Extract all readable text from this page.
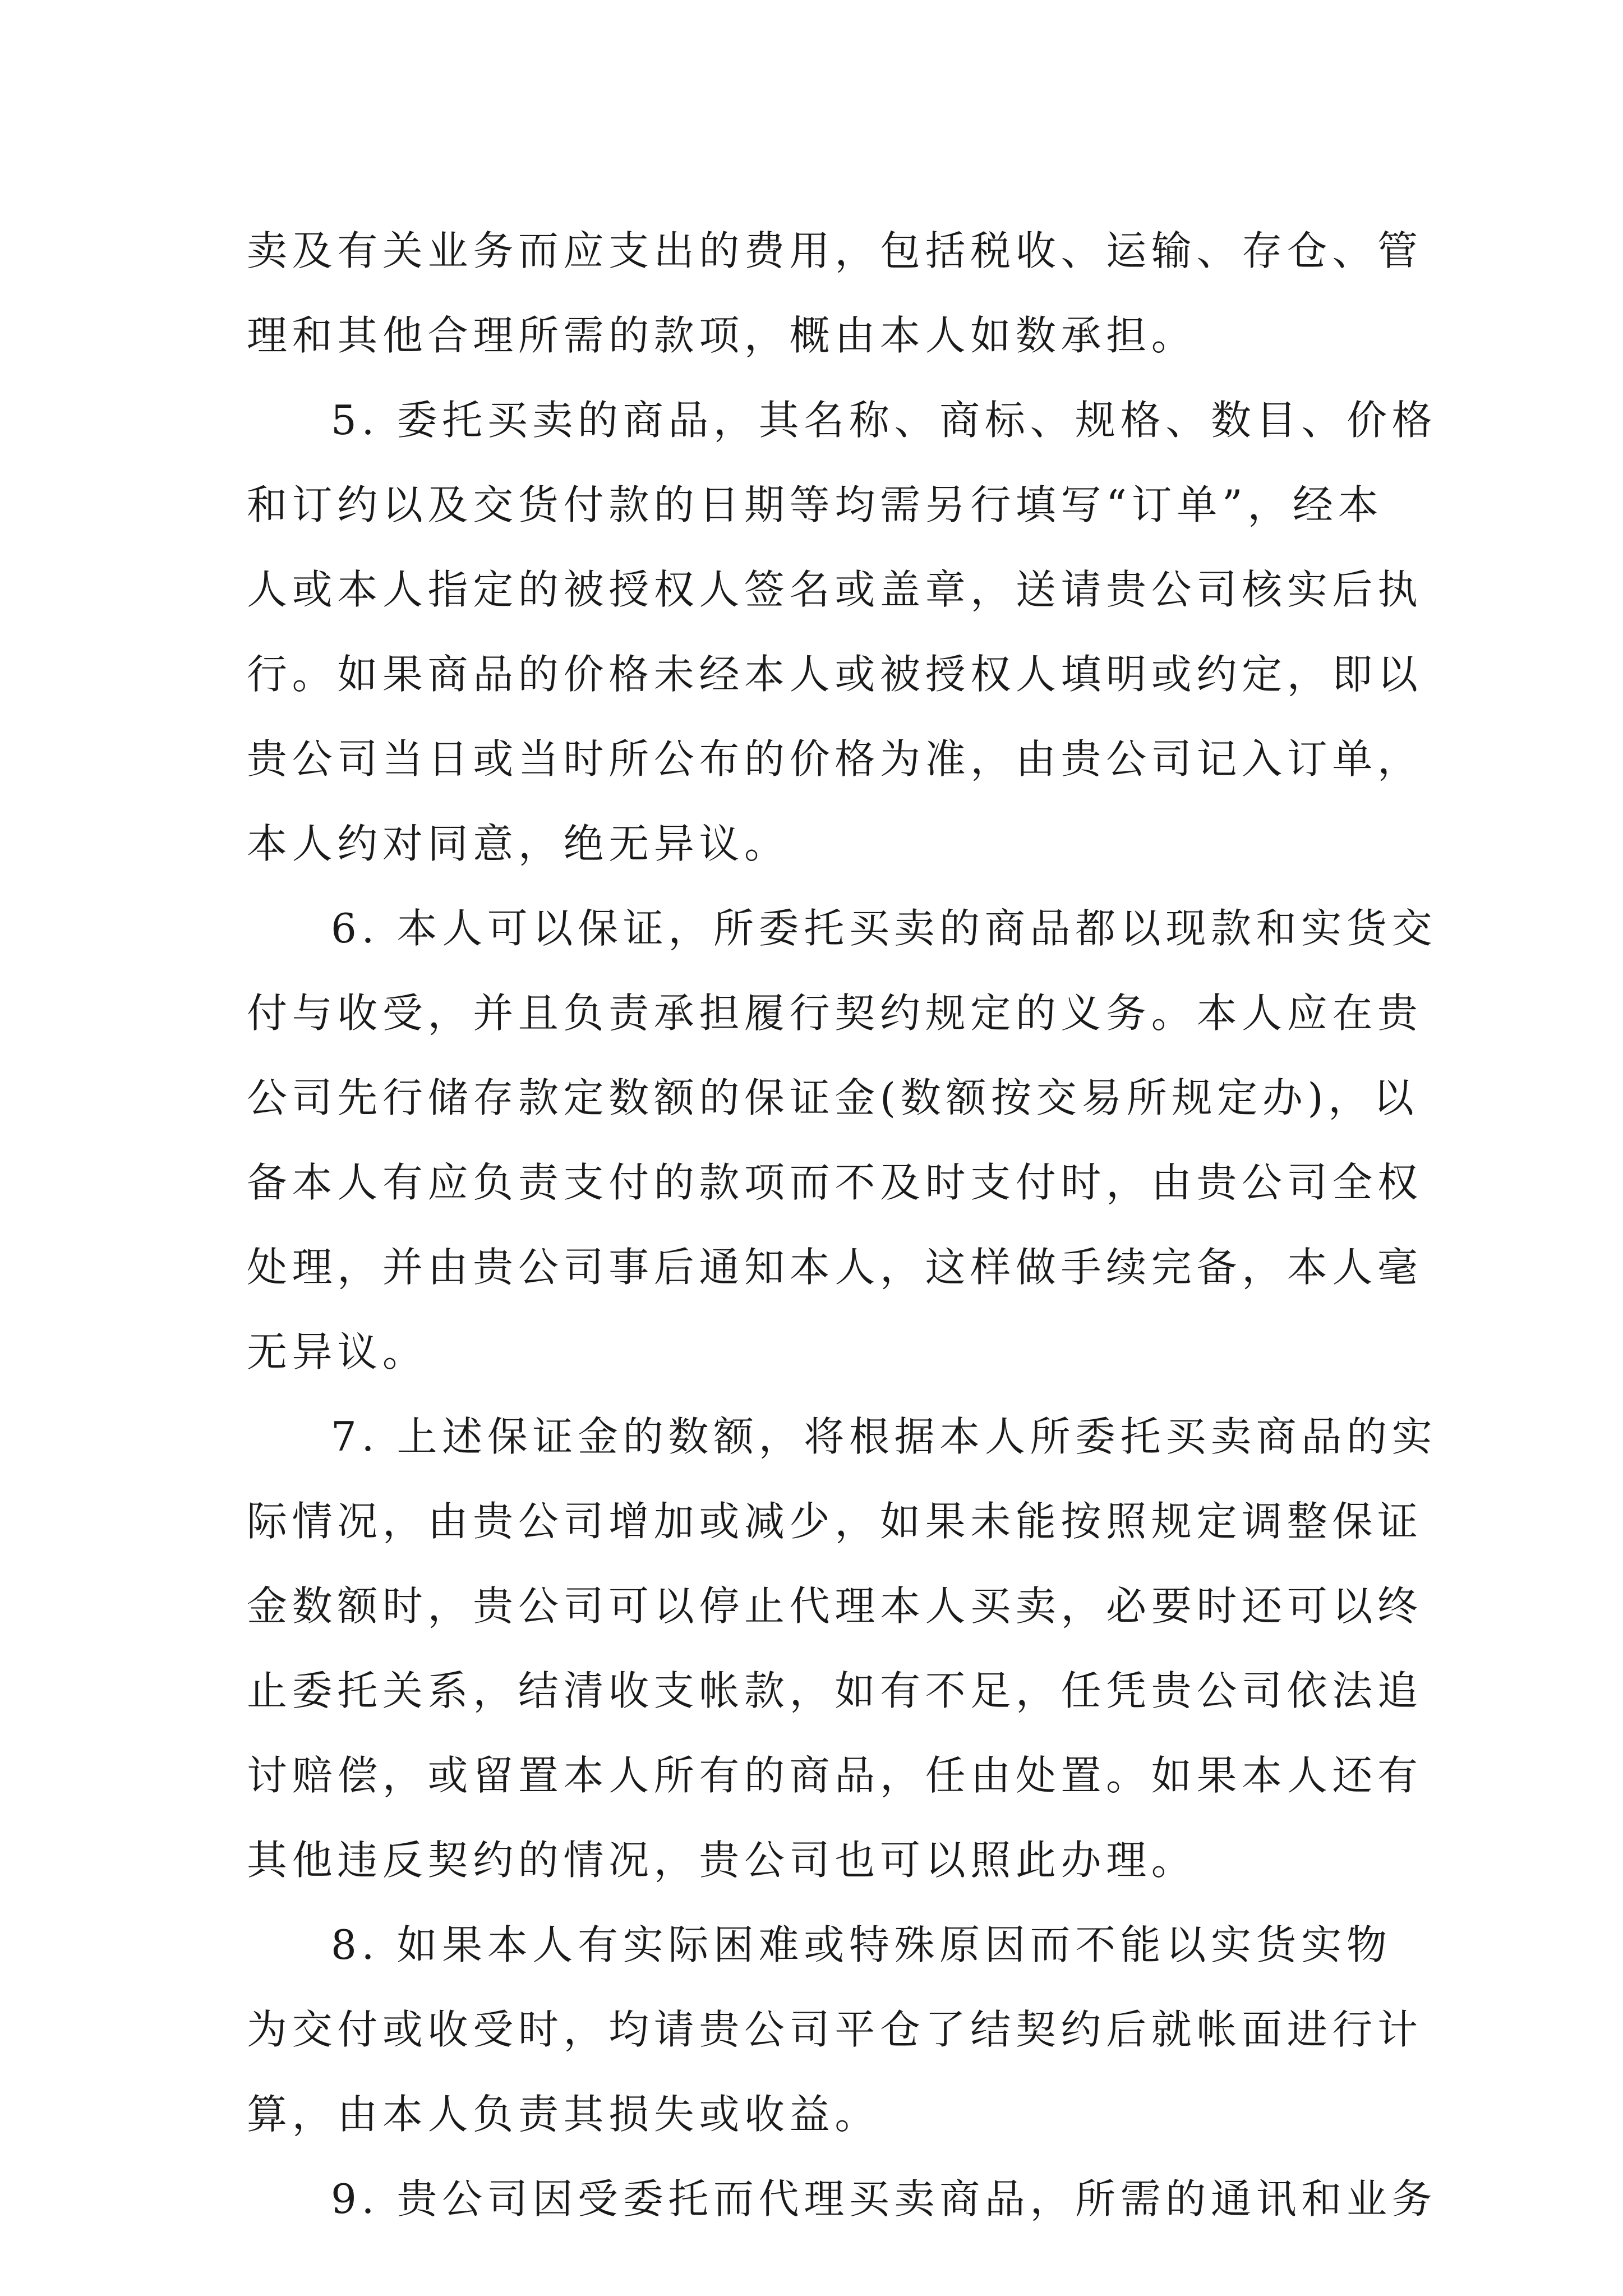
卖及有关业务而应支出的费用，包括税收、运输、存仓、管
理和其他合理所需的款项，概由本人如数承担。
5. 委托买卖的商品，其名称、商标、规格、数目、价格
和订约以及交货付款的日期等均需另行填写“订单”，经本
人或本人指定的被授权人签名或盖章，送请贵公司核实后执
行。如果商品的价格未经本人或被授权人填明或约定，即以
贵公司当日或当时所公布的价格为准，由贵公司记入订单，
本人约对同意，绝无异议。
6. 本人可以保证，所委托买卖的商品都以现款和实货交
付与收受，并且负责承担履行契约规定的义务。本人应在贵
公司先行储存款定数额的保证金(数额按交易所规定办)，以
备本人有应负责支付的款项而不及时支付时，由贵公司全权
处理，并由贵公司事后通知本人，这样做手续完备，本人毫
无异议。
7. 上述保证金的数额，将根据本人所委托买卖商品的实
际情况，由贵公司增加或减少，如果未能按照规定调整保证
金数额时，贵公司可以停止代理本人买卖，必要时还可以终
止委托关系，结清收支帐款，如有不足，任凭贵公司依法追
讨赔偿，或留置本人所有的商品，任由处置。如果本人还有
其他违反契约的情况，贵公司也可以照此办理。
8. 如果本人有实际困难或特殊原因而不能以实货实物
为交付或收受时，均请贵公司平仓了结契约后就帐面进行计
算，由本人负责其损失或收益。
9. 贵公司因受委托而代理买卖商品，所需的通讯和业务
